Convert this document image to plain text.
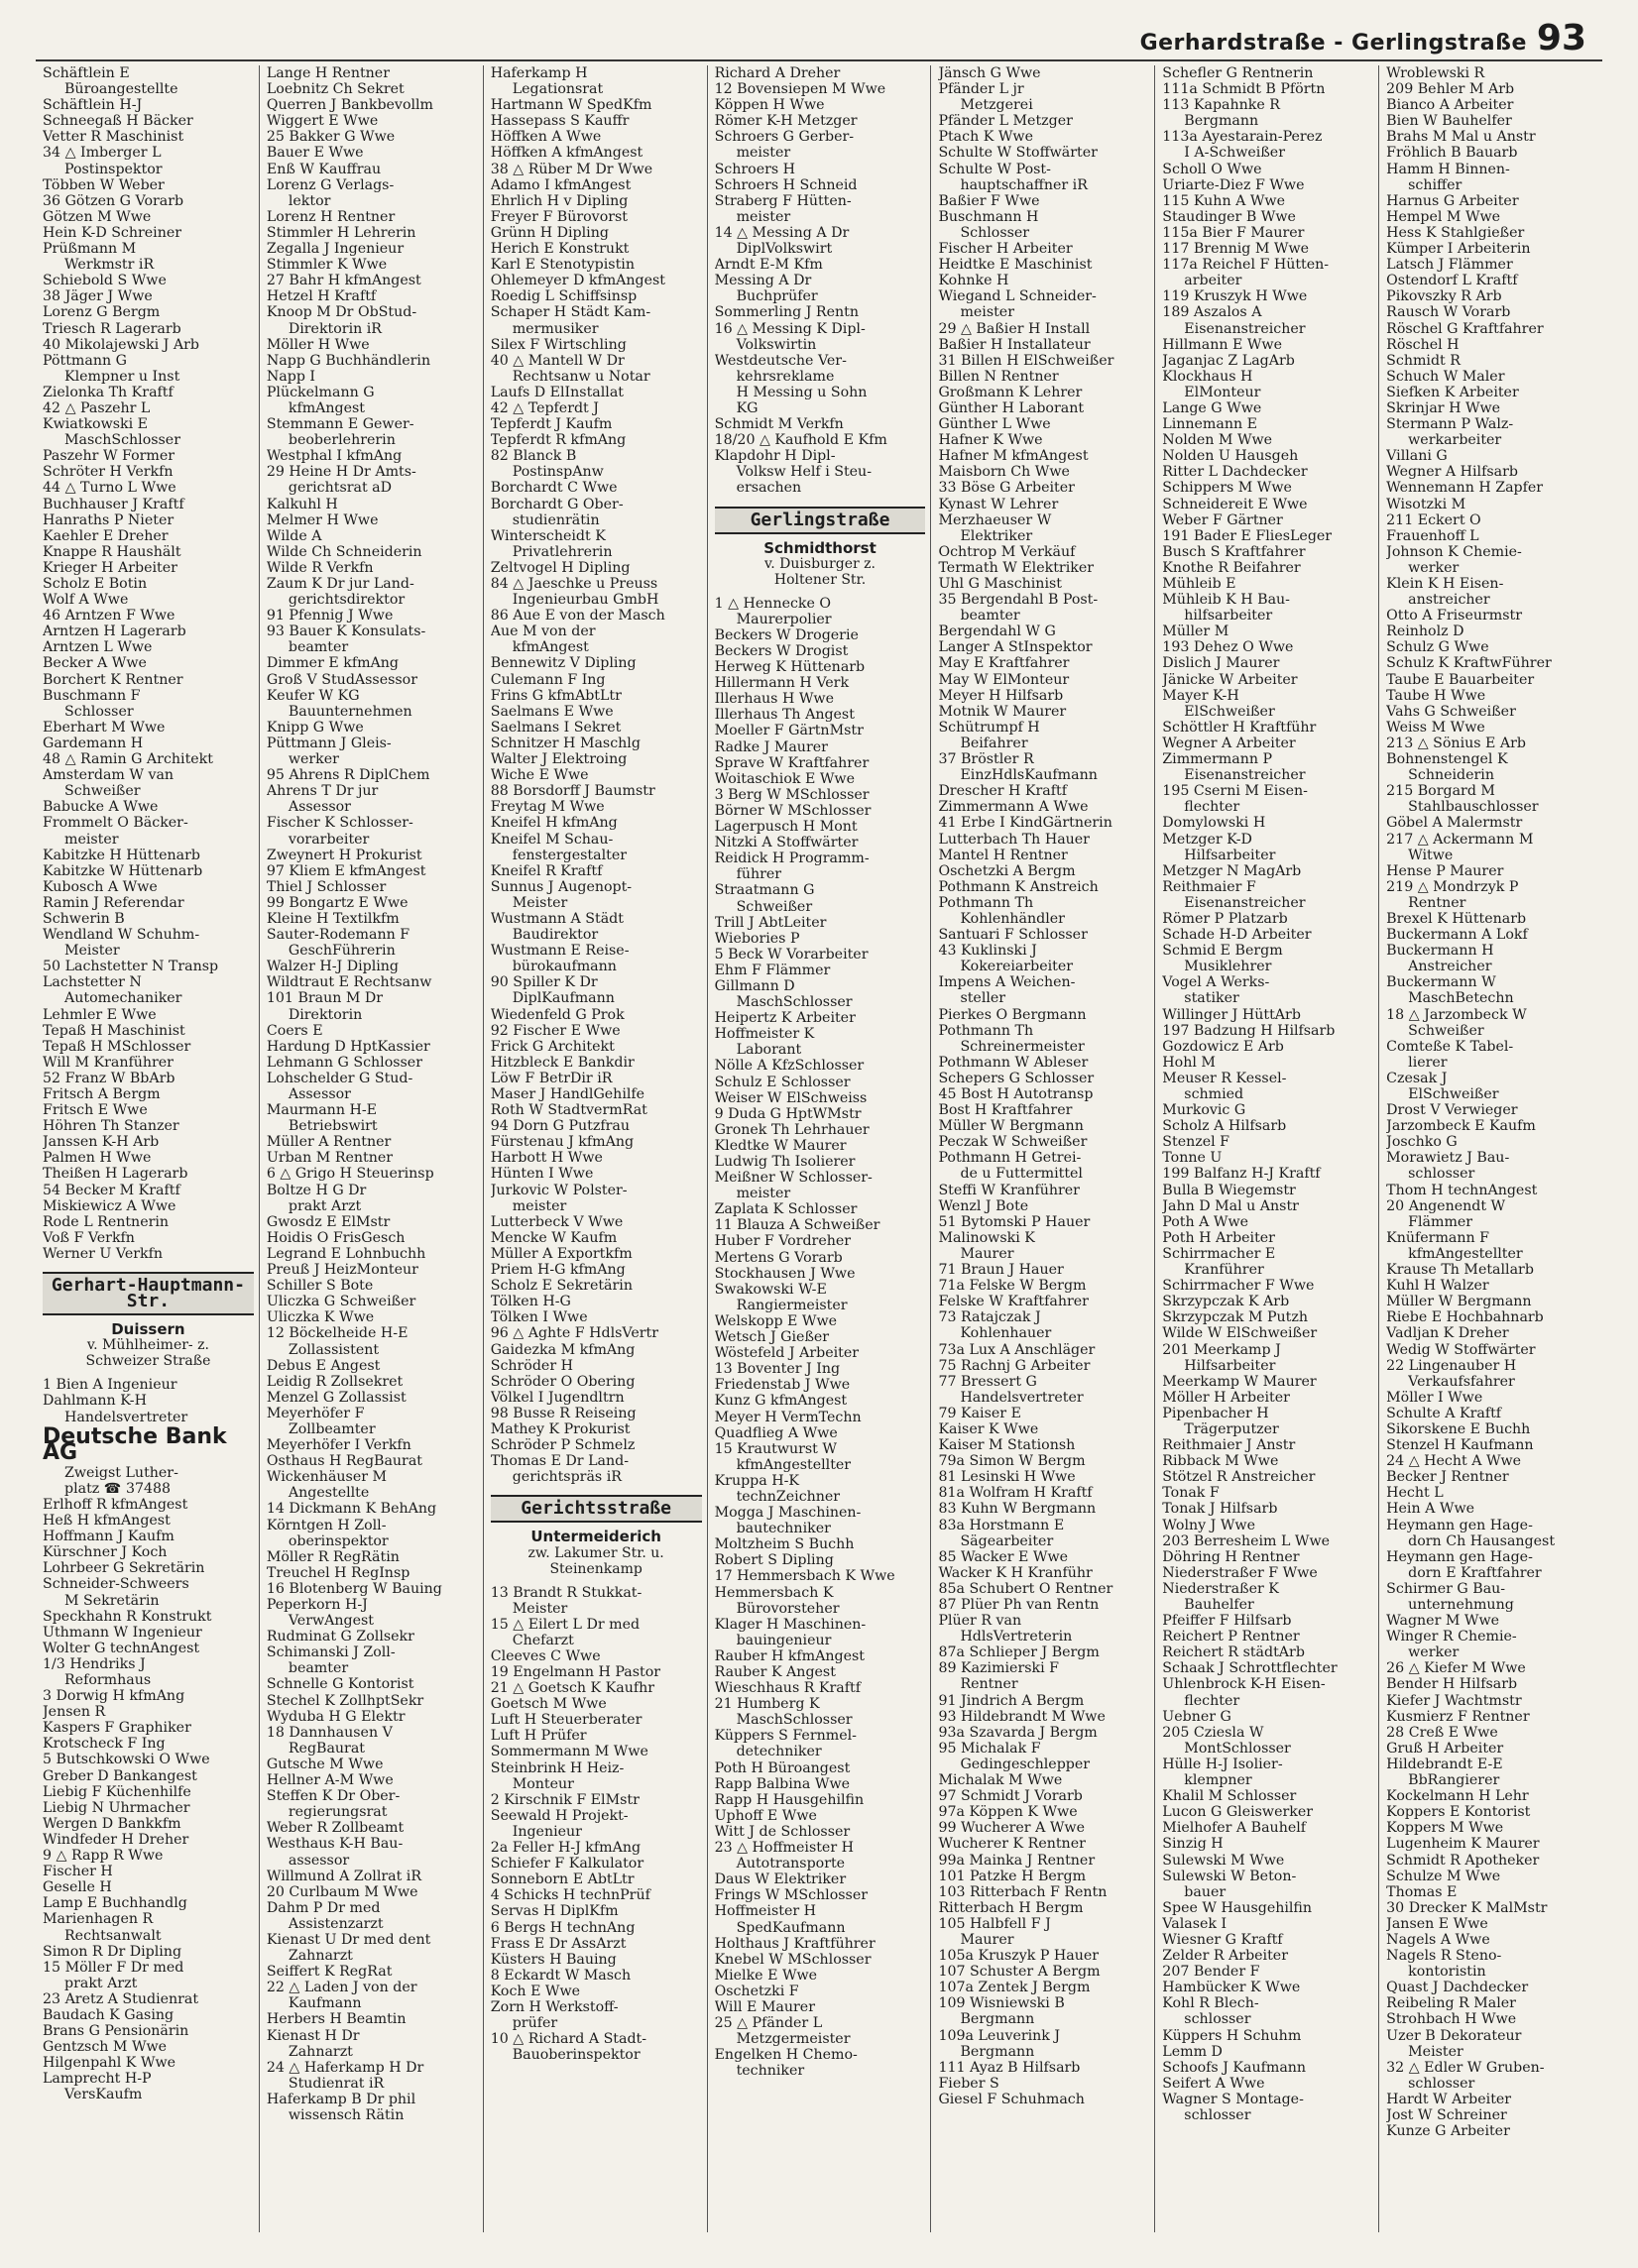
Gerhardstraße - Gerlingstraße 93
Schäftlein E
Büroangestellte
Schäftlein H-J
Schneegaß H Bäcker
Vetter R Maschinist
34 △ Imberger L
Postinspektor
Többen W Weber
36 Götzen G Vorarb
Götzen M Wwe
Hein K-D Schreiner
Prüßmann M
Werkmstr iR
Schiebold S Wwe
38 Jäger J Wwe
Lorenz G Bergm
Triesch R Lagerarb
40 Mikolajewski J Arb
Pöttmann G
Klempner u Inst
Zielonka Th Kraftf
42 △ Paszehr L
Kwiatkowski E
MaschSchlosser
Paszehr W Former
Schröter H Verkfn
44 △ Turno L Wwe
Buchhauser J Kraftf
Hanraths P Nieter
Kaehler E Dreher
Knappe R Haushält
Krieger H Arbeiter
Scholz E Botin
Wolf A Wwe
46 Arntzen F Wwe
Arntzen H Lagerarb
Arntzen L Wwe
Becker A Wwe
Borchert K Rentner
Buschmann F
Schlosser
Eberhart M Wwe
Gardemann H
48 △ Ramin G Architekt
Amsterdam W van
Schweißer
Babucke A Wwe
Frommelt O Bäcker-
meister
Kabitzke H Hüttenarb
Kabitzke W Hüttenarb
Kubosch A Wwe
Ramin J Referendar
Schwerin B
Wendland W Schuhm-
Meister
50 Lachstetter N Transp
Lachstetter N
Automechaniker
Lehmler E Wwe
Tepaß H Maschinist
Tepaß H MSchlosser
Will M Kranführer
52 Franz W BbArb
Fritsch A Bergm
Fritsch E Wwe
Höhren Th Stanzer
Janssen K-H Arb
Palmen H Wwe
Theißen H Lagerarb
54 Becker M Kraftf
Miskiewicz A Wwe
Rode L Rentnerin
Voß F Verkfn
Werner U Verkfn
Gerhart-Hauptmann-Str.
Duissern
v. Mühlheimer- z.
Schweizer Straße
1 Bien A Ingenieur
Dahlmann K-H
Handelsvertreter
Deutsche Bank AG
Zweigst Luther-
platz ☎ 37488
Erlhoff R kfmAngest
Heß H kfmAngest
Hoffmann J Kaufm
Kürschner J Koch
Lohrbeer G Sekretärin
Schneider-Schweers
M Sekretärin
Speckhahn R Konstrukt
Uthmann W Ingenieur
Wolter G technAngest
1/3 Hendriks J
Reformhaus
3 Dorwig H kfmAng
Jensen R
Kaspers F Graphiker
Krotscheck F Ing
5 Butschkowski O Wwe
Greber D Bankangest
Liebig F Küchenhilfe
Liebig N Uhrmacher
Wergen D Bankkfm
Windfeder H Dreher
9 △ Rapp R Wwe
Fischer H
Geselle H
Lamp E Buchhandlg
Marienhagen R
Rechtsanwalt
Simon R Dr Dipling
15 Möller F Dr med
prakt Arzt
23 Aretz A Studienrat
Baudach K Gasing
Brans G Pensionärin
Gentzsch M Wwe
Hilgenpahl K Wwe
Lamprecht H-P
VersKaufm
Lange H Rentner
Loebnitz Ch Sekret
Querren J Bankbevollm
Wiggert E Wwe
25 Bakker G Wwe
Bauer E Wwe
Enß W Kauffrau
Lorenz G Verlags-
lektor
Lorenz H Rentner
Stimmler H Lehrerin
Zegalla J Ingenieur
Stimmler K Wwe
27 Bahr H kfmAngest
Hetzel H Kraftf
Knoop M Dr ObStud-
Direktorin iR
Möller H Wwe
Napp G Buchhändlerin
Napp I
Plückelmann G
kfmAngest
Stemmann E Gewer-
beoberlehrerin
Westphal I kfmAng
29 Heine H Dr Amts-
gerichtsrat aD
Kalkuhl H
Melmer H Wwe
Wilde A
Wilde Ch Schneiderin
Wilde R Verkfn
Zaum K Dr jur Land-
gerichtsdirektor
91 Pfennig J Wwe
93 Bauer K Konsulats-
beamter
Dimmer E kfmAng
Groß V StudAssessor
Keufer W KG
Bauunternehmen
Knipp G Wwe
Püttmann J Gleis-
werker
95 Ahrens R DiplChem
Ahrens T Dr jur
Assessor
Fischer K Schlosser-
vorarbeiter
Zweynert H Prokurist
97 Kliem E kfmAngest
Thiel J Schlosser
99 Bongartz E Wwe
Kleine H Textilkfm
Sauter-Rodemann F
GeschFührerin
Walzer H-J Dipling
Wildtraut E Rechtsanw
101 Braun M Dr
Direktorin
Coers E
Hardung D HptKassier
Lehmann G Schlosser
Lohschelder G Stud-
Assessor
Maurmann H-E
Betriebswirt
Müller A Rentner
Urban M Rentner
6 △ Grigo H Steuerinsp
Boltze H G Dr
prakt Arzt
Gwosdz E ElMstr
Hoidis O FrisGesch
Legrand E Lohnbuchh
Preuß J HeizMonteur
Schiller S Bote
Uliczka G Schweißer
Uliczka K Wwe
12 Böckelheide H-E
Zollassistent
Debus E Angest
Leidig R Zollsekret
Menzel G Zollassist
Meyerhöfer F
Zollbeamter
Meyerhöfer I Verkfn
Osthaus H RegBaurat
Wickenhäuser M
Angestellte
14 Dickmann K BehAng
Körntgen H Zoll-
oberinspektor
Möller R RegRätin
Treuchel H RegInsp
16 Blotenberg W Bauing
Peperkorn H-J
VerwAngest
Rudminat G Zollsekr
Schimanski J Zoll-
beamter
Schnelle G Kontorist
Stechel K ZollhptSekr
Wyduba H G Elektr
18 Dannhausen V
RegBaurat
Gutsche M Wwe
Hellner A-M Wwe
Steffen K Dr Ober-
regierungsrat
Weber R Zollbeamt
Westhaus K-H Bau-
assessor
Willmund A Zollrat iR
20 Curlbaum M Wwe
Dahm P Dr med
Assistenzarzt
Kienast U Dr med dent
Zahnarzt
Seiffert K RegRat
22 △ Laden J von der
Kaufmann
Herbers H Beamtin
Kienast H Dr
Zahnarzt
24 △ Haferkamp H Dr
Studienrat iR
Haferkamp B Dr phil
wissensch Rätin
Haferkamp H
Legationsrat
Hartmann W SpedKfm
Hassepass S Kauffr
Höffken A Wwe
Höffken A kfmAngest
38 △ Rüber M Dr Wwe
Adamo I kfmAngest
Ehrlich H v Dipling
Freyer F Bürovorst
Grünn H Dipling
Herich E Konstrukt
Karl E Stenotypistin
Ohlemeyer D kfmAngest
Roedig L Schiffsinsp
Schaper H Städt Kam-
mermusiker
Silex F Wirtschling
40 △ Mantell W Dr
Rechtsanw u Notar
Laufs D ElInstallat
42 △ Tepferdt J
Tepferdt J Kaufm
Tepferdt R kfmAng
82 Blanck B
PostinspAnw
Borchardt C Wwe
Borchardt G Ober-
studienrätin
Winterscheidt K
Privatlehrerin
Zeltvogel H Dipling
84 △ Jaeschke u Preuss
Ingenieurbau GmbH
86 Aue E von der Masch
Aue M von der
kfmAngest
Bennewitz V Dipling
Culemann F Ing
Frins G kfmAbtLtr
Saelmans E Wwe
Saelmans I Sekret
Schnitzer H Maschlg
Walter J Elektroing
Wiche E Wwe
88 Borsdorff J Baumstr
Freytag M Wwe
Kneifel H kfmAng
Kneifel M Schau-
fenstergestalter
Kneifel R Kraftf
Sunnus J Augenopt-
Meister
Wustmann A Städt
Baudirektor
Wustmann E Reise-
bürokaufmann
90 Spiller K Dr
DiplKaufmann
Wiedenfeld G Prok
92 Fischer E Wwe
Frick G Architekt
Hitzbleck E Bankdir
Löw F BetrDir iR
Maser J HandlGehilfe
Roth W StadtvermRat
94 Dorn G Putzfrau
Fürstenau J kfmAng
Harbott H Wwe
Hünten I Wwe
Jurkovic W Polster-
meister
Lutterbeck V Wwe
Mencke W Kaufm
Müller A Exportkfm
Priem H-G kfmAng
Scholz E Sekretärin
Tölken H-G
Tölken I Wwe
96 △ Aghte F HdlsVertr
Gaidezka M kfmAng
Schröder H
Schröder O Obering
Völkel I Jugendltrn
98 Busse R Reiseing
Mathey K Prokurist
Schröder P Schmelz
Thomas E Dr Land-
gerichtspräs iR
Gerichtsstraße
Untermeiderich
zw. Lakumer Str. u.
Steinenkamp
13 Brandt R Stukkat-
Meister
15 △ Eilert L Dr med
Chefarzt
Cleeves C Wwe
19 Engelmann H Pastor
21 △ Goetsch K Kaufhr
Goetsch M Wwe
Luft H Steuerberater
Luft H Prüfer
Sommermann M Wwe
Steinbrink H Heiz-
Monteur
2 Kirschnik F ElMstr
Seewald H Projekt-
Ingenieur
2a Feller H-J kfmAng
Schiefer F Kalkulator
Sonneborn E AbtLtr
4 Schicks H technPrüf
Servas H DiplKfm
6 Bergs H technAng
Frass E Dr AssArzt
Küsters H Bauing
8 Eckardt W Masch
Koch E Wwe
Zorn H Werkstoff-
prüfer
10 △ Richard A Stadt-
Bauoberinspektor
Richard A Dreher
12 Bovensiepen M Wwe
Köppen H Wwe
Römer K-H Metzger
Schroers G Gerber-
meister
Schroers H
Schroers H Schneid
Straberg F Hütten-
meister
14 △ Messing A Dr
DiplVolkswirt
Arndt E-M Kfm
Messing A Dr
Buchprüfer
Sommerling J Rentn
16 △ Messing K Dipl-
Volkswirtin
Westdeutsche Ver-
kehrsreklame
H Messing u Sohn
KG
Schmidt M Verkfn
18/20 △ Kaufhold E Kfm
Klapdohr H Dipl-
Volksw Helf i Steu-
ersachen
Gerlingstraße
Schmidthorst
v. Duisburger z.
Holtener Str.
1 △ Hennecke O
Maurerpolier
Beckers W Drogerie
Beckers W Drogist
Herweg K Hüttenarb
Hillermann H Verk
Illerhaus H Wwe
Illerhaus Th Angest
Moeller F GärtnMstr
Radke J Maurer
Sprave W Kraftfahrer
Woitaschiok E Wwe
3 Berg W MSchlosser
Börner W MSchlosser
Lagerpusch H Mont
Nitzki A Stoffwärter
Reidick H Programm-
führer
Straatmann G
Schweißer
Trill J AbtLeiter
Wiebories P
5 Beck W Vorarbeiter
Ehm F Flämmer
Gillmann D
MaschSchlosser
Heipertz K Arbeiter
Hoffmeister K
Laborant
Nölle A KfzSchlosser
Schulz E Schlosser
Weiser W ElSchweiss
9 Duda G HptWMstr
Gronek Th Lehrhauer
Kledtke W Maurer
Ludwig Th Isolierer
Meißner W Schlosser-
meister
Zaplata K Schlosser
11 Blauza A Schweißer
Huber F Vordreher
Mertens G Vorarb
Stockhausen J Wwe
Swakowski W-E
Rangiermeister
Welskopp E Wwe
Wetsch J Gießer
Wöstefeld J Arbeiter
13 Boventer J Ing
Friedenstab J Wwe
Kunz G kfmAngest
Meyer H VermTechn
Quadflieg A Wwe
15 Krautwurst W
kfmAngestellter
Kruppa H-K
technZeichner
Mogga J Maschinen-
bautechniker
Moltzheim S Buchh
Robert S Dipling
17 Hemmersbach K Wwe
Hemmersbach K
Bürovorsteher
Klager H Maschinen-
bauingenieur
Rauber H kfmAngest
Rauber K Angest
Wieschhaus R Kraftf
21 Humberg K
MaschSchlosser
Küppers S Fernmel-
detechniker
Poth H Büroangest
Rapp Balbina Wwe
Rapp H Hausgehilfin
Uphoff E Wwe
Witt J de Schlosser
23 △ Hoffmeister H
Autotransporte
Daus W Elektriker
Frings W MSchlosser
Hoffmeister H
SpedKaufmann
Holthaus J Kraftführer
Knebel W MSchlosser
Mielke E Wwe
Oschetzki F
Will E Maurer
25 △ Pfänder L
Metzgermeister
Engelken H Chemo-
techniker
Jänsch G Wwe
Pfänder L jr
Metzgerei
Pfänder L Metzger
Ptach K Wwe
Schulte W Stoffwärter
Schulte W Post-
hauptschaffner iR
Baßier F Wwe
Buschmann H
Schlosser
Fischer H Arbeiter
Heidtke E Maschinist
Kohnke H
Wiegand L Schneider-
meister
29 △ Baßier H Install
Baßier H Installateur
31 Billen H ElSchweißer
Billen N Rentner
Großmann K Lehrer
Günther H Laborant
Günther L Wwe
Hafner K Wwe
Hafner M kfmAngest
Maisborn Ch Wwe
33 Böse G Arbeiter
Kynast W Lehrer
Merzhaeuser W
Elektriker
Ochtrop M Verkäuf
Termath W Elektriker
Uhl G Maschinist
35 Bergendahl B Post-
beamter
Bergendahl W G
Langer A StInspektor
May E Kraftfahrer
May W ElMonteur
Meyer H Hilfsarb
Motnik W Maurer
Schütrumpf H
Beifahrer
37 Bröstler R
EinzHdlsKaufmann
Drescher H Kraftf
Zimmermann A Wwe
41 Erbe I KindGärtnerin
Lutterbach Th Hauer
Mantel H Rentner
Oschetzki A Bergm
Pothmann K Anstreich
Pothmann Th
Kohlenhändler
Santuari F Schlosser
43 Kuklinski J
Kokereiarbeiter
Impens A Weichen-
steller
Pierkes O Bergmann
Pothmann Th
Schreinermeister
Pothmann W Ableser
Schepers G Schlosser
45 Bost H Autotransp
Bost H Kraftfahrer
Müller W Bergmann
Peczak W Schweißer
Pothmann H Getrei-
de u Futtermittel
Steffi W Kranführer
Wenzl J Bote
51 Bytomski P Hauer
Malinowski K
Maurer
71 Braun J Hauer
71a Felske W Bergm
Felske W Kraftfahrer
73 Ratajczak J
Kohlenhauer
73a Lux A Anschläger
75 Rachnj G Arbeiter
77 Bressert G
Handelsvertreter
79 Kaiser E
Kaiser K Wwe
Kaiser M Stationsh
79a Simon W Bergm
81 Lesinski H Wwe
81a Wolfram H Kraftf
83 Kuhn W Bergmann
83a Horstmann E
Sägearbeiter
85 Wacker E Wwe
Wacker K H Kranführ
85a Schubert O Rentner
87 Plüer Ph van Rentn
Plüer R van
HdlsVertreterin
87a Schlieper J Bergm
89 Kazimierski F
Rentner
91 Jindrich A Bergm
93 Hildebrandt M Wwe
93a Szavarda J Bergm
95 Michalak F
Gedingeschlepper
Michalak M Wwe
97 Schmidt J Vorarb
97a Köppen K Wwe
99 Wucherer A Wwe
Wucherer K Rentner
99a Mainka J Rentner
101 Patzke H Bergm
103 Ritterbach F Rentn
Ritterbach H Bergm
105 Halbfell F J
Maurer
105a Kruszyk P Hauer
107 Schuster A Bergm
107a Zentek J Bergm
109 Wisniewski B
Bergmann
109a Leuverink J
Bergmann
111 Ayaz B Hilfsarb
Fieber S
Giesel F Schuhmach
Schefler G Rentnerin
111a Schmidt B Pförtn
113 Kapahnke R
Bergmann
113a Ayestarain-Perez
I A-Schweißer
Scholl O Wwe
Uriarte-Diez F Wwe
115 Kuhn A Wwe
Staudinger B Wwe
115a Bier F Maurer
117 Brennig M Wwe
117a Reichel F Hütten-
arbeiter
119 Kruszyk H Wwe
189 Aszalos A
Eisenanstreicher
Hillmann E Wwe
Jaganjac Z LagArb
Klockhaus H
ElMonteur
Lange G Wwe
Linnemann E
Nolden M Wwe
Nolden U Hausgeh
Ritter L Dachdecker
Schippers M Wwe
Schneidereit E Wwe
Weber F Gärtner
191 Bader E FliesLeger
Busch S Kraftfahrer
Knothe R Beifahrer
Mühleib E
Mühleib K H Bau-
hilfsarbeiter
Müller M
193 Dehez O Wwe
Dislich J Maurer
Jänicke W Arbeiter
Mayer K-H
ElSchweißer
Schöttler H Kraftführ
Wegner A Arbeiter
Zimmermann P
Eisenanstreicher
195 Cserni M Eisen-
flechter
Domylowski H
Metzger K-D
Hilfsarbeiter
Metzger N MagArb
Reithmaier F
Eisenanstreicher
Römer P Platzarb
Schade H-D Arbeiter
Schmid E Bergm
Musiklehrer
Vogel A Werks-
statiker
Willinger J HüttArb
197 Badzung H Hilfsarb
Gozdowicz E Arb
Hohl M
Meuser R Kessel-
schmied
Murkovic G
Scholz A Hilfsarb
Stenzel F
Tonne U
199 Balfanz H-J Kraftf
Bulla B Wiegemstr
Jahn D Mal u Anstr
Poth A Wwe
Poth H Arbeiter
Schirrmacher E
Kranführer
Schirrmacher F Wwe
Skrzypczak K Arb
Skrzypczak M Putzh
Wilde W ElSchweißer
201 Meerkamp J
Hilfsarbeiter
Meerkamp W Maurer
Möller H Arbeiter
Pipenbacher H
Trägerputzer
Reithmaier J Anstr
Ribback M Wwe
Stötzel R Anstreicher
Tonak F
Tonak J Hilfsarb
Wolny J Wwe
203 Berresheim L Wwe
Döhring H Rentner
Niederstraßer F Wwe
Niederstraßer K
Bauhelfer
Pfeiffer F Hilfsarb
Reichert P Rentner
Reichert R städtArb
Schaak J Schrottflechter
Uhlenbrock K-H Eisen-
flechter
Uebner G
205 Cziesla W
MontSchlosser
Hülle H-J Isolier-
klempner
Khalil M Schlosser
Lucon G Gleiswerker
Mielhofer A Bauhelf
Sinzig H
Sulewski M Wwe
Sulewski W Beton-
bauer
Spee W Hausgehilfin
Valasek I
Wiesner G Kraftf
Zelder R Arbeiter
207 Bender F
Hambücker K Wwe
Kohl R Blech-
schlosser
Küppers H Schuhm
Lemm D
Schoofs J Kaufmann
Seifert A Wwe
Wagner S Montage-
schlosser
Wroblewski R
209 Behler M Arb
Bianco A Arbeiter
Bien W Bauhelfer
Brahs M Mal u Anstr
Fröhlich B Bauarb
Hamm H Binnen-
schiffer
Harnus G Arbeiter
Hempel M Wwe
Hess K Stahlgießer
Kümper I Arbeiterin
Latsch J Flämmer
Ostendorf L Kraftf
Pikovszky R Arb
Rausch W Vorarb
Röschel G Kraftfahrer
Röschel H
Schmidt R
Schuch W Maler
Siefken K Arbeiter
Skrinjar H Wwe
Stermann P Walz-
werkarbeiter
Villani G
Wegner A Hilfsarb
Wennemann H Zapfer
Wisotzki M
211 Eckert O
Frauenhoff L
Johnson K Chemie-
werker
Klein K H Eisen-
anstreicher
Otto A Friseurmstr
Reinholz D
Schulz G Wwe
Schulz K KraftwFührer
Taube E Bauarbeiter
Taube H Wwe
Vahs G Schweißer
Weiss M Wwe
213 △ Sönius E Arb
Bohnenstengel K
Schneiderin
215 Borgard M
Stahlbauschlosser
Göbel A Malermstr
217 △ Ackermann M
Witwe
Hense P Maurer
219 △ Mondrzyk P
Rentner
Brexel K Hüttenarb
Buckermann A Lokf
Buckermann H
Anstreicher
Buckermann W
MaschBetechn
18 △ Jarzombeck W
Schweißer
Comteße K Tabel-
lierer
Czesak J
ElSchweißer
Drost V Verwieger
Jarzombeck E Kaufm
Joschko G
Morawietz J Bau-
schlosser
Thom H technAngest
20 Angenendt W
Flämmer
Knüfermann F
kfmAngestellter
Krause Th Metallarb
Kuhl H Walzer
Müller W Bergmann
Riebe E Hochbahnarb
Vadljan K Dreher
Wedig W Stoffwärter
22 Lingenauber H
Verkaufsfahrer
Möller I Wwe
Schulte A Kraftf
Sikorskene E Buchh
Stenzel H Kaufmann
24 △ Hecht A Wwe
Becker J Rentner
Hecht L
Hein A Wwe
Heymann gen Hage-
dorn Ch Hausangest
Heymann gen Hage-
dorn E Kraftfahrer
Schirmer G Bau-
unternehmung
Wagner M Wwe
Winger R Chemie-
werker
26 △ Kiefer M Wwe
Bender H Hilfsarb
Kiefer J Wachtmstr
Kusmierz F Rentner
28 Creß E Wwe
Gruß H Arbeiter
Hildebrandt E-E
BbRangierer
Kockelmann H Lehr
Koppers E Kontorist
Koppers M Wwe
Lugenheim K Maurer
Schmidt R Apotheker
Schulze M Wwe
Thomas E
30 Drecker K MalMstr
Jansen E Wwe
Nagels A Wwe
Nagels R Steno-
kontoristin
Quast J Dachdecker
Reibeling R Maler
Strohbach H Wwe
Uzer B Dekorateur
Meister
32 △ Edler W Gruben-
schlosser
Hardt W Arbeiter
Jost W Schreiner
Kunze G Arbeiter
